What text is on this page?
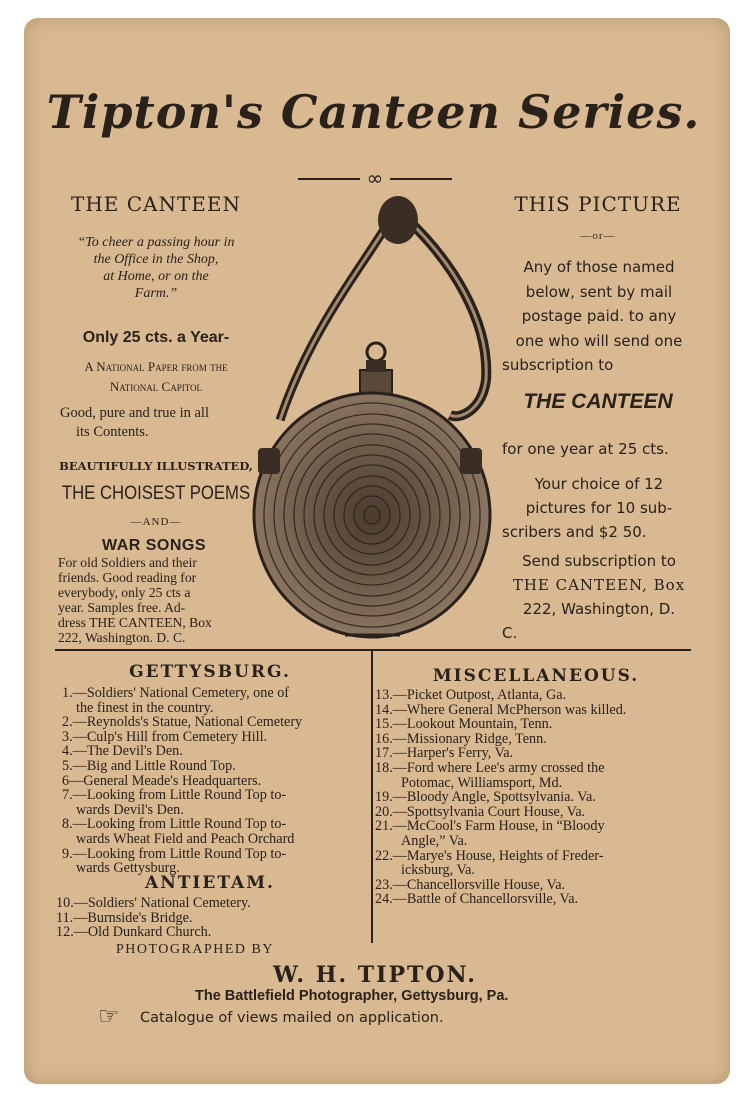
Tipton's Canteen Series.
∞
THE CANTEEN
“To cheer a passing hour in
the Office in the Shop,
at Home, or on the
Farm.”
Only 25 cts. a Year-
A National Paper from the
National Capitol
Good, pure and true in all
its Contents.
BEAUTIFULLY ILLUSTRATED,
THE CHOISEST POEMS
—AND—
WAR SONGS
For old Soldiers and their
friends. Good reading for
everybody, only 25 cts a
year. Samples free. Ad-
dress THE CANTEEN, Box
222, Washington. D. C.
THIS PICTURE
—or—
Any of those named
below, sent by mail
postage paid. to any
one who will send one
subscription to
THE CANTEEN
for one year at 25 cts.
Your choice of 12
pictures for 10 sub-
scribers and $2 50.
Send subscription to
THE CANTEEN, Box
222, Washington, D.
C.
GETTYSBURG.
1.—Soldiers' National Cemetery, one of
the finest in the country.
2.—Reynolds's Statue, National Cemetery
3.—Culp's Hill from Cemetery Hill.
4.—The Devil's Den.
5.—Big and Little Round Top.
6—General Meade's Headquarters.
7.—Looking from Little Round Top to-
wards Devil's Den.
8.—Looking from Little Round Top to-
wards Wheat Field and Peach Orchard
9.—Looking from Little Round Top to-
wards Gettysburg.
ANTIETAM.
10.—Soldiers' National Cemetery.
11.—Burnside's Bridge.
12.—Old Dunkard Church.
MISCELLANEOUS.
13.—Picket Outpost, Atlanta, Ga.
14.—Where General McPherson was killed.
15.—Lookout Mountain, Tenn.
16.—Missionary Ridge, Tenn.
17.—Harper's Ferry, Va.
18.—Ford where Lee's army crossed the
Potomac, Williamsport, Md.
19.—Bloody Angle, Spottsylvania. Va.
20.—Spottsylvania Court House, Va.
21.—McCool's Farm House, in “Bloody
Angle,” Va.
22.—Marye's House, Heights of Freder-
icksburg, Va.
23.—Chancellorsville House, Va.
24.—Battle of Chancellorsville, Va.
PHOTOGRAPHED BY
W. H. TIPTON.
The Battlefield Photographer, Gettysburg, Pa.
☞ Catalogue of views mailed on application.
